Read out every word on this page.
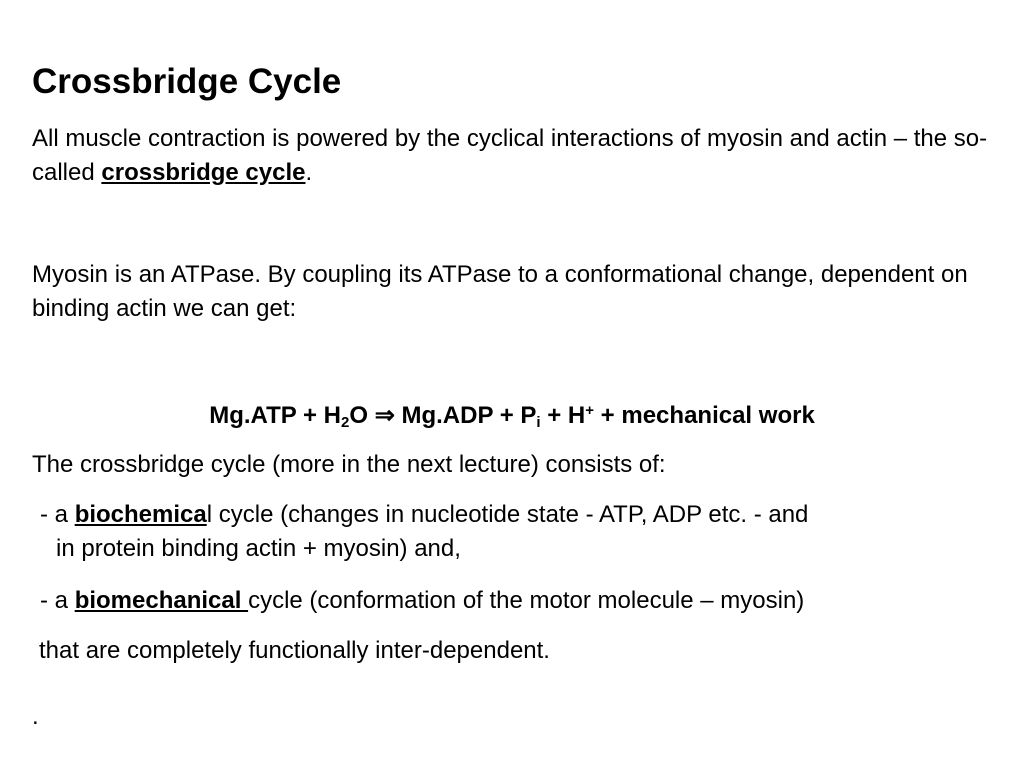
Crossbridge Cycle

All muscle contraction is powered by the cyclical interactions of myosin and actin – the so-called crossbridge cycle.

Myosin is an ATPase. By coupling its ATPase to a conformational change, dependent on binding actin we can get:

$Mg.ATP + H_2O$ ⇒ $Mg.ADP + P_i + H^+$ + mechanical work

The crossbridge cycle (more in the next lecture) consists of:

- a biochemical cycle (changes in nucleotide state - ATP, ADP etc. - and
in protein binding actin + myosin) and,

- a biomechanical cycle (conformation of the motor molecule – myosin)

that are completely functionally inter-dependent.
.
